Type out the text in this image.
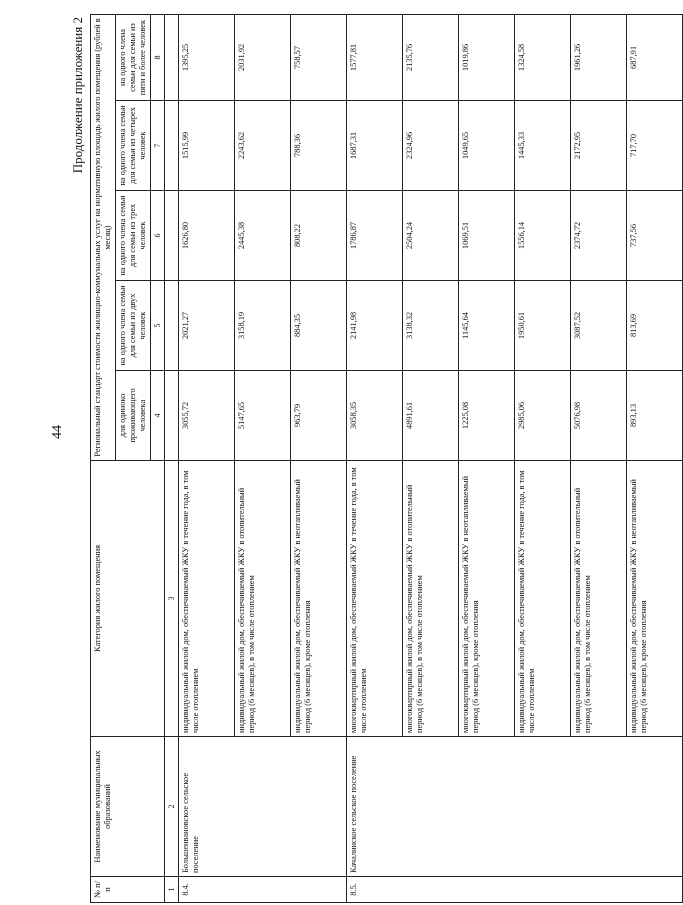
44
Продолжение приложения 2
№ п/п	Наименование муниципальных образований	Категория жилого помещения	Региональный стандарт стоимости жилищно-коммунальных услуг на нормативную площадь жилого помещения (рублей в месяц)				
			для одиноко проживающего человека	на одного члена семьи для семьи из двух человек	на одного члена семьи для семьи из трех человек	на одного члена семьи для семьи из четырех человек	на одного члена семьи для семьи из пяти и более человек
			4	5	6	7	8
1	2	3					
8.4.	Большеивановское сельское поселение	индивидуальный жилой дом, обеспечиваемый ЖКУ в течение года, в том числе отоплением	3055,72	2021,27	1626,80	1515,99	1395,25
		индивидуальный жилой дом, обеспечиваемый ЖКУ в отопительный период (6 месяцев), в том числе отоплением	5147,65	3158,19	2445,38	2243,62	2031,92
		индивидуальный жилой дом, обеспечиваемый ЖКУ в неотапливаемый период (6 месяцев), кроме отопления	963,79	884,35	808,22	788,36	758,57
8.5.	Качалинское сельское поселение	многоквартирный жилой дом, обеспечиваемый ЖКУ в течение года, в том числе отоплением	3058,35	2141,98	1786,87	1687,31	1577,81
		многоквартирный жилой дом, обеспечиваемый ЖКУ в отопительный период (6 месяцев), в том числе отоплением	4891,61	3138,32	2504,24	2324,96	2135,76
		многоквартирный жилой дом, обеспечиваемый ЖКУ в неотапливаемый период (6 месяцев), кроме отопления	1225,08	1145,64	1069,51	1049,65	1019,86
		индивидуальный жилой дом, обеспечиваемый ЖКУ в течение года, в том числе отоплением	2985,06	1950,61	1556,14	1445,33	1324,58
		индивидуальный жилой дом, обеспечиваемый ЖКУ в отопительный период (6 месяцев), в том числе отоплением	5076,98	3087,52	2374,72	2172,95	1961,26
		индивидуальный жилой дом, обеспечиваемый ЖКУ в неотапливаемый период (6 месяцев), кроме отопления	893,13	813,69	737,56	717,70	687,91
